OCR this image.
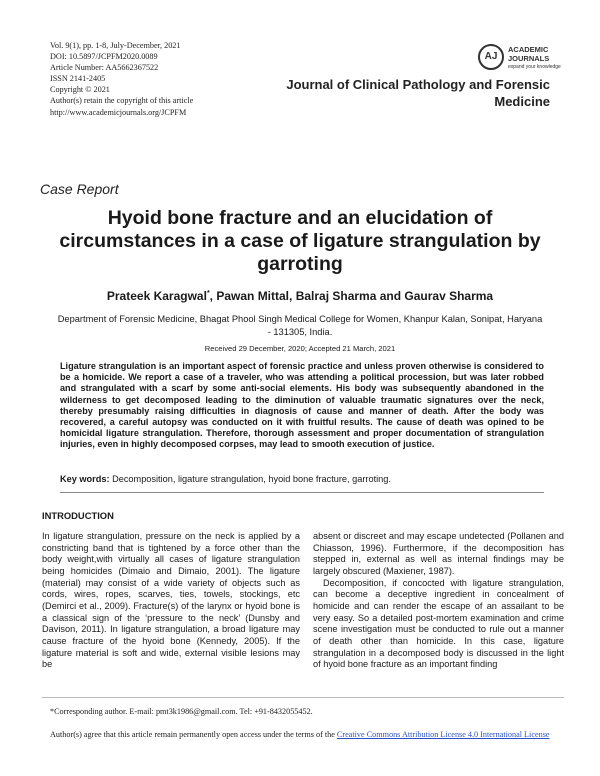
Vol. 9(1), pp. 1-8, July-December, 2021
DOI: 10.5897/JCPFM2020.0089
Article Number: AA5662367522
ISSN 2141-2405
Copyright © 2021
Author(s) retain the copyright of this article
http://www.academicjournals.org/JCPFM
AJ
ACADEMIC
JOURNALS
expand your knowledge
Journal of Clinical Pathology and Forensic Medicine
Case Report
Hyoid bone fracture and an elucidation of circumstances in a case of ligature strangulation by garroting
Prateek Karagwal*, Pawan Mittal, Balraj Sharma and Gaurav Sharma
Department of Forensic Medicine, Bhagat Phool Singh Medical College for Women, Khanpur Kalan, Sonipat, Haryana - 131305, India.
Received 29 December, 2020; Accepted 21 March, 2021
Ligature strangulation is an important aspect of forensic practice and unless proven otherwise is considered to be a homicide. We report a case of a traveler, who was attending a political procession, but was later robbed and strangulated with a scarf by some anti-social elements. His body was subsequently abandoned in the wilderness to get decomposed leading to the diminution of valuable traumatic signatures over the neck, thereby presumably raising difficulties in diagnosis of cause and manner of death. After the body was recovered, a careful autopsy was conducted on it with fruitful results. The cause of death was opined to be homicidal ligature strangulation. Therefore, thorough assessment and proper documentation of strangulation injuries, even in highly decomposed corpses, may lead to smooth execution of justice.
Key words: Decomposition, ligature strangulation, hyoid bone fracture, garroting.
INTRODUCTION

In ligature strangulation, pressure on the neck is applied by a constricting band that is tightened by a force other than the body weight,with virtually all cases of ligature strangulation being homicides (Dimaio and Dimaio, 2001). The ligature (material) may consist of a wide variety of objects such as cords, wires, ropes, scarves, ties, towels, stockings, etc (Demirci et al., 2009). Fracture(s) of the larynx or hyoid bone is a classical sign of the ‘pressure to the neck’ (Dunsby and Davison, 2011). In ligature strangulation, a broad ligature may cause fracture of the hyoid bone (Kennedy, 2005). If the ligature material is soft and wide, external visible lesions may be

absent or discreet and may escape undetected (Pollanen and Chiasson, 1996). Furthermore, if the decomposition has stepped in, external as well as internal findings may be largely obscured (Maxiener, 1987).

Decomposition, if concocted with ligature strangulation, can become a deceptive ingredient in concealment of homicide and can render the escape of an assailant to be very easy. So a detailed post-mortem examination and crime scene investigation must be conducted to rule out a manner of death other than homicide. In this case, ligature strangulation in a decomposed body is discussed in the light of hyoid bone fracture as an important finding

*Corresponding author. E-mail: pmt3k1986@gmail.com. Tel: +91-8432055452.
Author(s) agree that this article remain permanently open access under the terms of the Creative Commons Attribution License 4.0 International License
